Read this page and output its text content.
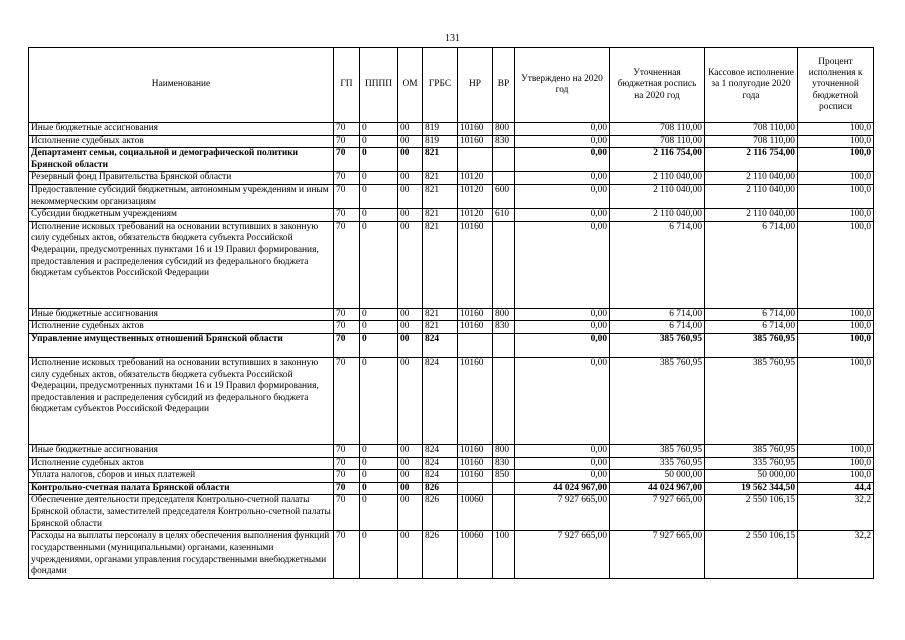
131
Наименование	ГП	ПППП	ОМ	ГРБС	НР	ВР	Утверждено на 2020 год	Уточненная бюджетная роспись на 2020 год	Кассовое исполнение за 1 полугодие 2020 года	Процент исполнения к уточненной бюджетной росписи
Иные бюджетные ассигнования	70	0	00	819	10160	800	0,00	708 110,00	708 110,00	100,0
Исполнение судебных актов	70	0	00	819	10160	830	0,00	708 110,00	708 110,00	100,0
Департамент семьи, социальной и демографической политики Брянской области	70	0	00	821			0,00	2 116 754,00	2 116 754,00	100,0
Резервный фонд Правительства Брянской области	70	0	00	821	10120		0,00	2 110 040,00	2 110 040,00	100,0
Предоставление субсидий бюджетным, автономным учреждениям и иным некоммерческим организациям	70	0	00	821	10120	600	0,00	2 110 040,00	2 110 040,00	100,0
Субсидии бюджетным учреждениям	70	0	00	821	10120	610	0,00	2 110 040,00	2 110 040,00	100,0
Исполнение исковых требований на основании вступивших в законную силу судебных актов, обязательств бюджета субъекта Российской Федерации, предусмотренных пунктами 16 и 19 Правил формирования, предоставления и распределения субсидий из федерального бюджета бюджетам субъектов Российской Федерации	70	0	00	821	10160		0,00	6 714,00	6 714,00	100,0
Иные бюджетные ассигнования	70	0	00	821	10160	800	0,00	6 714,00	6 714,00	100,0
Исполнение судебных актов	70	0	00	821	10160	830	0,00	6 714,00	6 714,00	100,0
Управление имущественных отношений Брянской области	70	0	00	824			0,00	385 760,95	385 760,95	100,0
Исполнение исковых требований на основании вступивших в законную силу судебных актов, обязательств бюджета субъекта Российской Федерации, предусмотренных пунктами 16 и 19 Правил формирования, предоставления и распределения субсидий из федерального бюджета бюджетам субъектов Российской Федерации	70	0	00	824	10160		0,00	385 760,95	385 760,95	100,0
Иные бюджетные ассигнования	70	0	00	824	10160	800	0,00	385 760,95	385 760,95	100,0
Исполнение судебных актов	70	0	00	824	10160	830	0,00	335 760,95	335 760,95	100,0
Уплата налогов, сборов и иных платежей	70	0	00	824	10160	850	0,00	50 000,00	50 000,00	100,0
Контрольно-счетная палата Брянской области	70	0	00	826			44 024 967,00	44 024 967,00	19 562 344,50	44,4
Обеспечение деятельности председателя Контрольно-счетной палаты Брянской области, заместителей председателя Контрольно-счетной палаты Брянской области	70	0	00	826	10060		7 927 665,00	7 927 665,00	2 550 106,15	32,2
Расходы на выплаты персоналу в целях обеспечения выполнения функций государственными (муниципальными) органами, казенными учреждениями, органами управления государственными внебюджетными фондами	70	0	00	826	10060	100	7 927 665,00	7 927 665,00	2 550 106,15	32,2
